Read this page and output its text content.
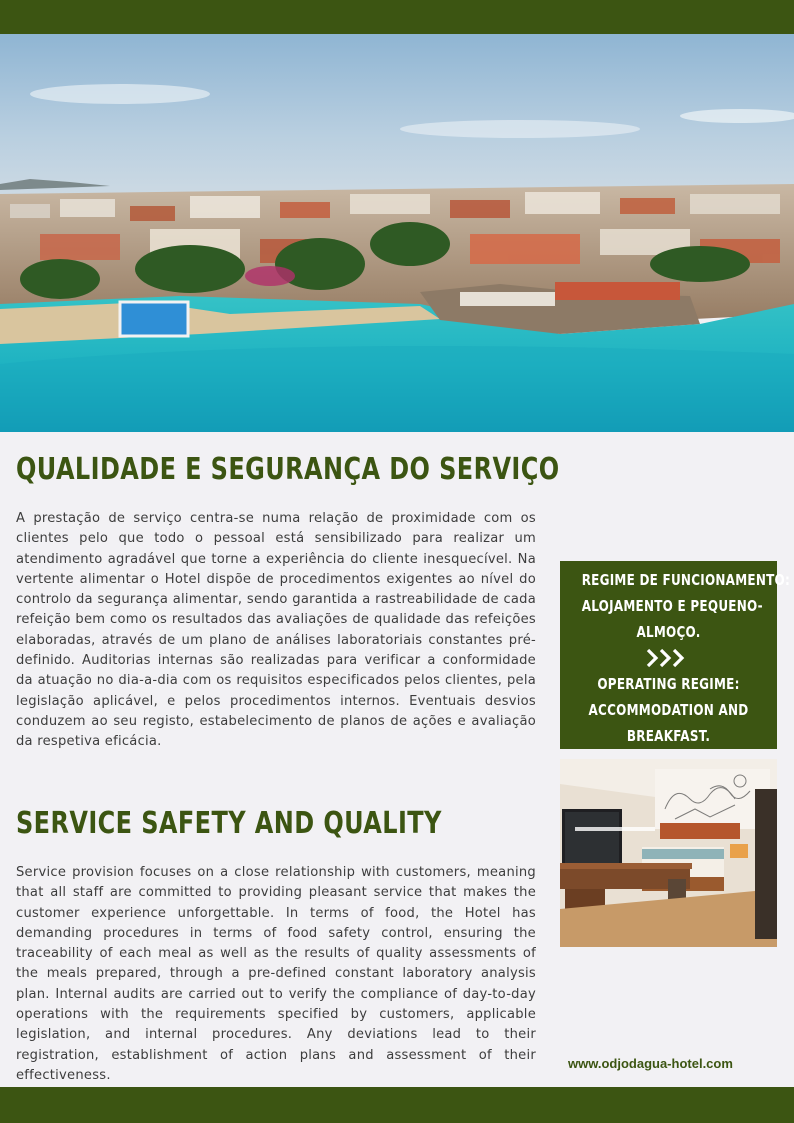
QUALIDADE E SEGURANÇA DO SERVIÇO

A prestação de serviço centra-se numa relação de proximidade com os clientes pelo que todo o pessoal está sensibilizado para realizar um atendimento agradável que torne a experiência do cliente inesquecível. Na vertente alimentar o Hotel dispõe de procedimentos exigentes ao nível do controlo da segurança alimentar, sendo garantida a rastreabilidade de cada refeição bem como os resultados das avaliações de qualidade das refeições elaboradas, através de um plano de análises laboratoriais constantes pré-definido. Auditorias internas são realizadas para verificar a conformidade da atuação no dia-a-dia com os requisitos especificados pelos clientes, pela legislação aplicável, e pelos procedimentos internos. Eventuais desvios conduzem ao seu registo, estabelecimento de planos de ações e avaliação da respetiva eficácia.

SERVICE SAFETY AND QUALITY

Service provision focuses on a close relationship with customers, meaning that all staff are committed to providing pleasant service that makes the customer experience unforgettable. In terms of food, the Hotel has demanding procedures in terms of food safety control, ensuring the traceability of each meal as well as the results of quality assessments of the meals prepared, through a pre-defined constant laboratory analysis plan. Internal audits are carried out to verify the compliance of day-to-day operations with the requirements specified by customers, applicable legislation, and internal procedures. Any deviations lead to their registration, establishment of action plans and assessment of their effectiveness.

REGIME DE FUNCIONAMENTO:
ALOJAMENTO E PEQUENO-
ALMOÇO.
OPERATING REGIME:
ACCOMMODATION AND
BREAKFAST.
www.odjodagua-hotel.com
